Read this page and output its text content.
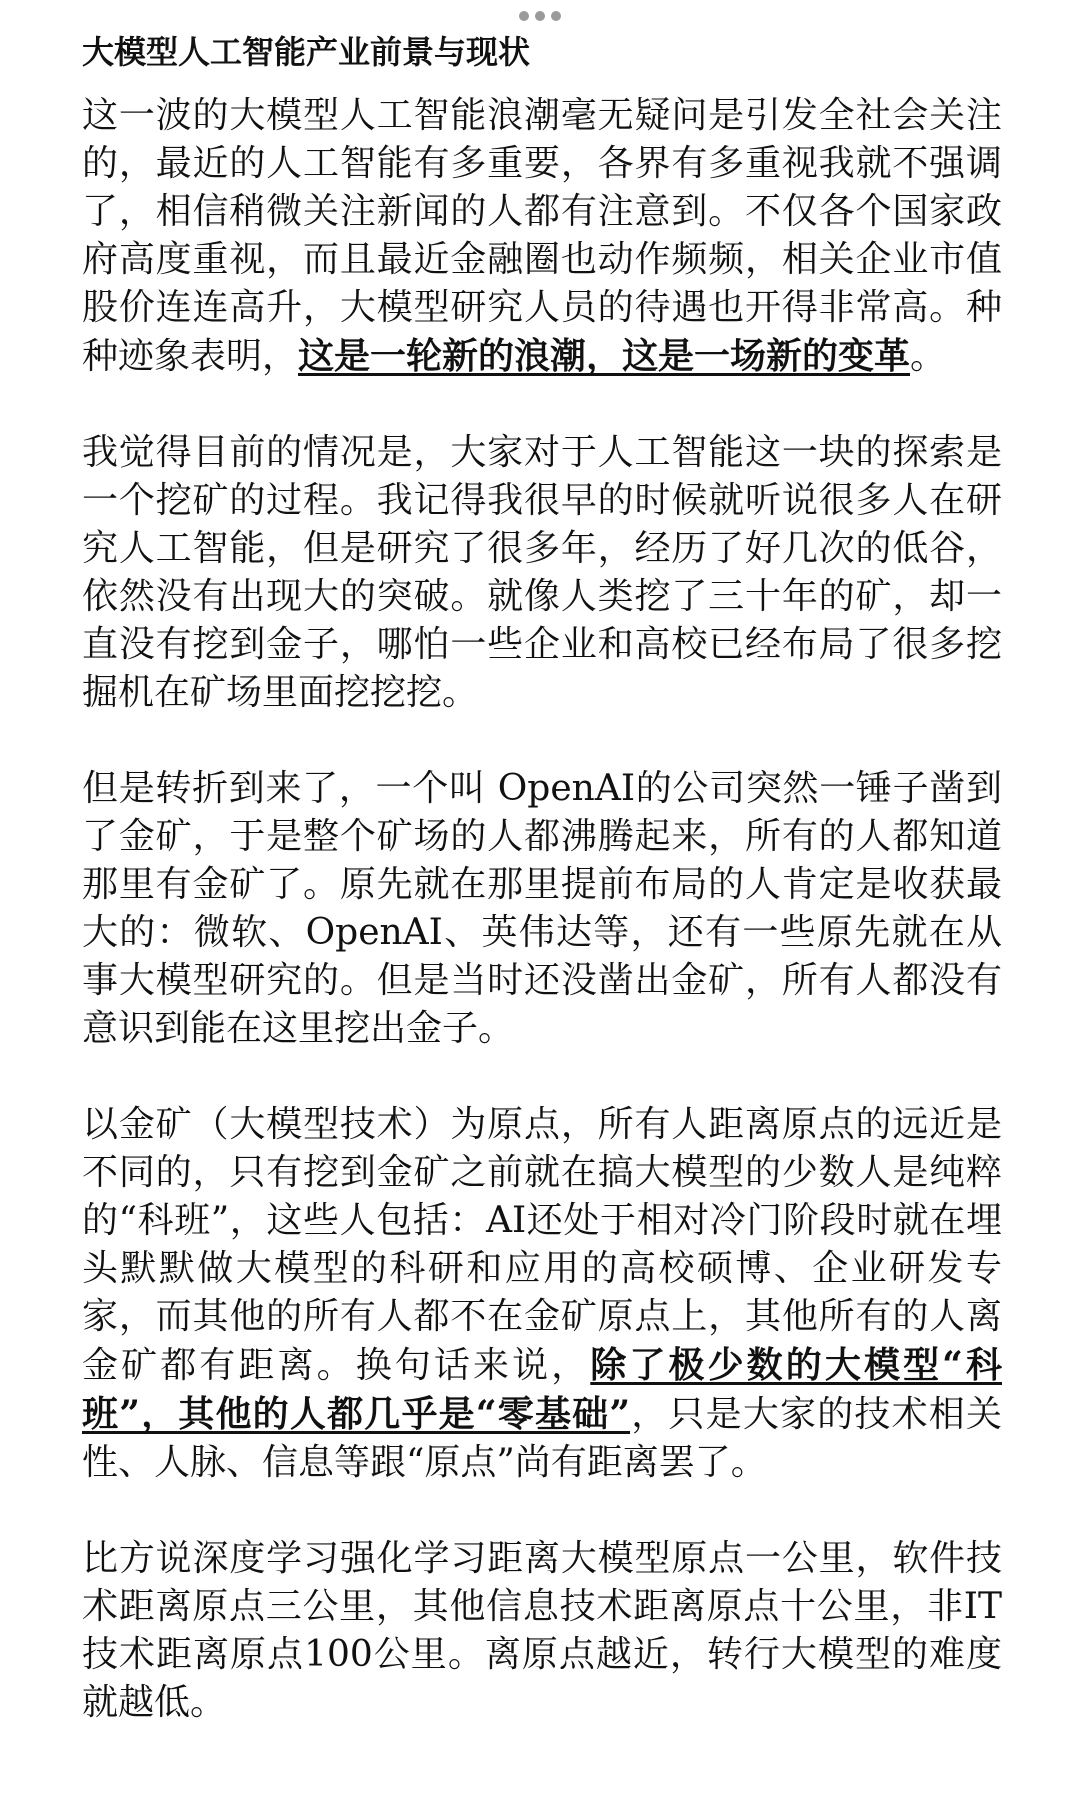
大模型人工智能产业前景与现状

这一波的大模型人工智能浪潮毫无疑问是引发全社会关注的，最近的人工智能有多重要，各界有多重视我就不强调了，相信稍微关注新闻的人都有注意到。不仅各个国家政府高度重视，而且最近金融圈也动作频频，相关企业市值股价连连高升，大模型研究人员的待遇也开得非常高。种种迹象表明，这是一轮新的浪潮，这是一场新的变革。

我觉得目前的情况是，大家对于人工智能这一块的探索是一个挖矿的过程。我记得我很早的时候就听说很多人在研究人工智能，但是研究了很多年，经历了好几次的低谷，依然没有出现大的突破。就像人类挖了三十年的矿，却一直没有挖到金子，哪怕一些企业和高校已经布局了很多挖掘机在矿场里面挖挖挖。

但是转折到来了，一个叫 OpenAI的公司突然一锤子凿到了金矿，于是整个矿场的人都沸腾起来，所有的人都知道那里有金矿了。原先就在那里提前布局的人肯定是收获最大的：微软、OpenAI、英伟达等，还有一些原先就在从事大模型研究的。但是当时还没凿出金矿，所有人都没有意识到能在这里挖出金子。

以金矿（大模型技术）为原点，所有人距离原点的远近是不同的，只有挖到金矿之前就在搞大模型的少数人是纯粹的“科班”，这些人包括：AI还处于相对冷门阶段时就在埋头默默做大模型的科研和应用的高校硕博、企业研发专家，而其他的所有人都不在金矿原点上，其他所有的人离金矿都有距离。换句话来说，除了极少数的大模型“科班”，其他的人都几乎是“零基础”，只是大家的技术相关性、人脉、信息等跟“原点”尚有距离罢了。

比方说深度学习强化学习距离大模型原点一公里，软件技术距离原点三公里，其他信息技术距离原点十公里，非IT技术距离原点100公里。离原点越近，转行大模型的难度就越低。
